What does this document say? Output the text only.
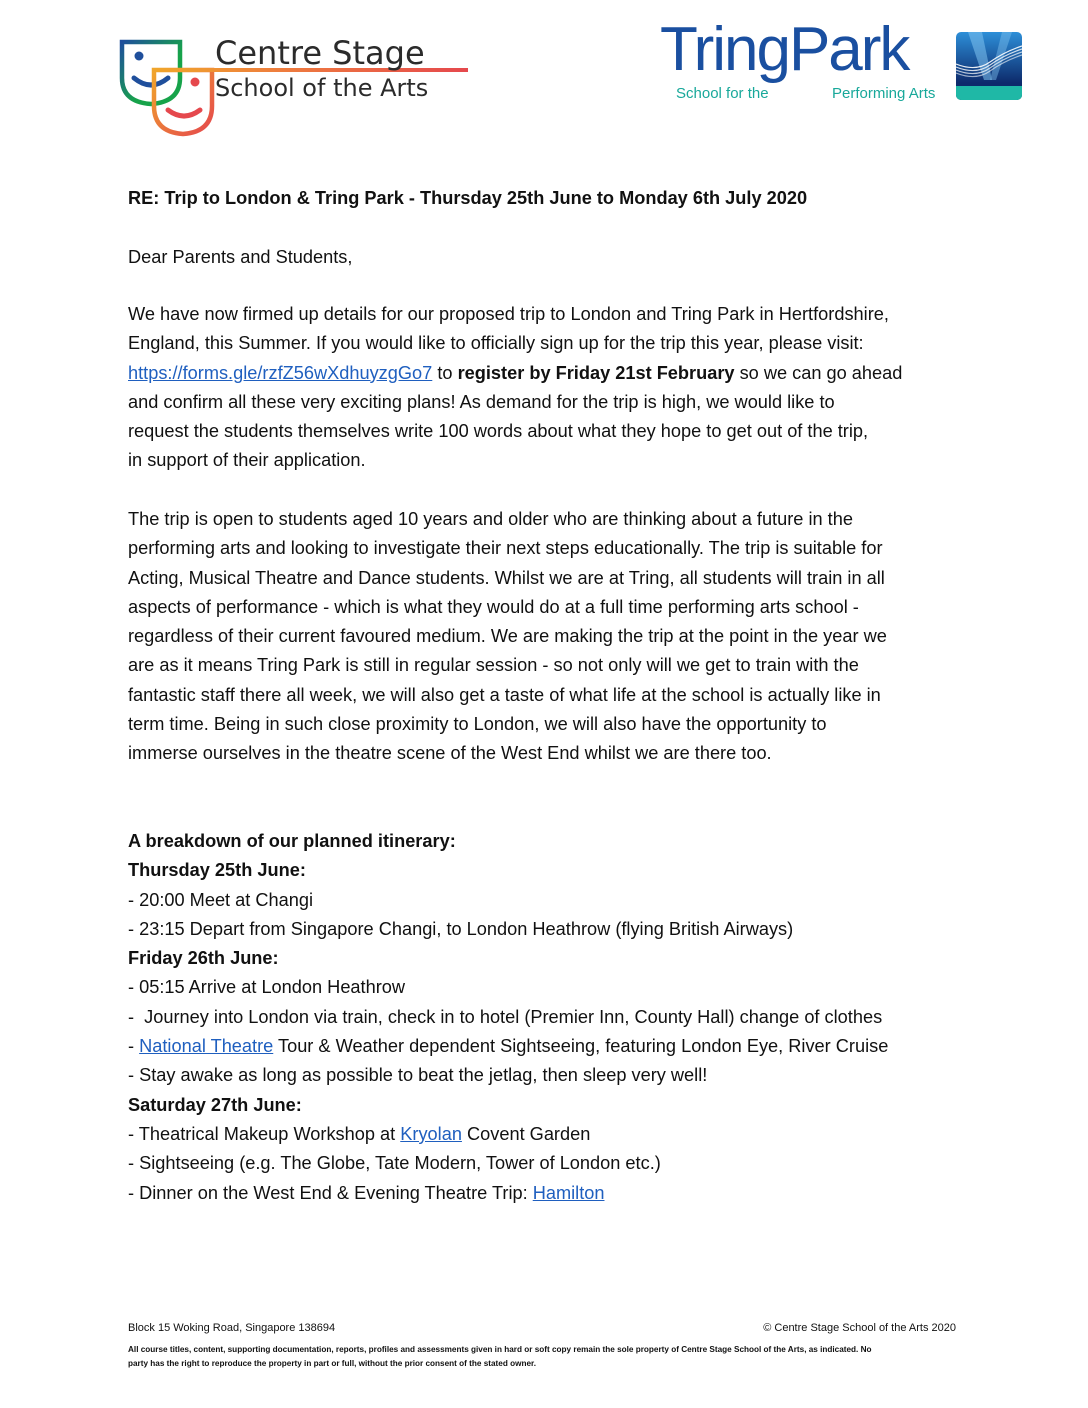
Centre Stage
School of the Arts
TringPark
School for the	Performing Arts
RE: Trip to London & Tring Park - Thursday 25th June to Monday 6th July 2020
Dear Parents and Students,
We have now firmed up details for our proposed trip to London and Tring Park in Hertfordshire,
England, this Summer. If you would like to officially sign up for the trip this year, please visit:
https://forms.gle/rzfZ56wXdhuyzgGo7 to register by Friday 21st February so we can go ahead
and confirm all these very exciting plans! As demand for the trip is high, we would like to
request the students themselves write 100 words about what they hope to get out of the trip,
in support of their application.
The trip is open to students aged 10 years and older who are thinking about a future in the
performing arts and looking to investigate their next steps educationally. The trip is suitable for
Acting, Musical Theatre and Dance students. Whilst we are at Tring, all students will train in all
aspects of performance - which is what they would do at a full time performing arts school -
regardless of their current favoured medium. We are making the trip at the point in the year we
are as it means Tring Park is still in regular session - so not only will we get to train with the
fantastic staff there all week, we will also get a taste of what life at the school is actually like in
term time. Being in such close proximity to London, we will also have the opportunity to
immerse ourselves in the theatre scene of the West End whilst we are there too.
A breakdown of our planned itinerary:
Thursday 25th June:
- 20:00 Meet at Changi
- 23:15 Depart from Singapore Changi, to London Heathrow (flying British Airways)
Friday 26th June:
- 05:15 Arrive at London Heathrow
-  Journey into London via train, check in to hotel (Premier Inn, County Hall) change of clothes
- National Theatre Tour & Weather dependent Sightseeing, featuring London Eye, River Cruise
- Stay awake as long as possible to beat the jetlag, then sleep very well!
Saturday 27th June:
- Theatrical Makeup Workshop at Kryolan Covent Garden
- Sightseeing (e.g. The Globe, Tate Modern, Tower of London etc.)
- Dinner on the West End & Evening Theatre Trip: Hamilton
Block 15 Woking Road, Singapore 138694	© Centre Stage School of the Arts 2020
All course titles, content, supporting documentation, reports, profiles and assessments given in hard or soft copy remain the sole property of Centre Stage School of the Arts, as indicated. No
party has the right to reproduce the property in part or full, without the prior consent of the stated owner.
